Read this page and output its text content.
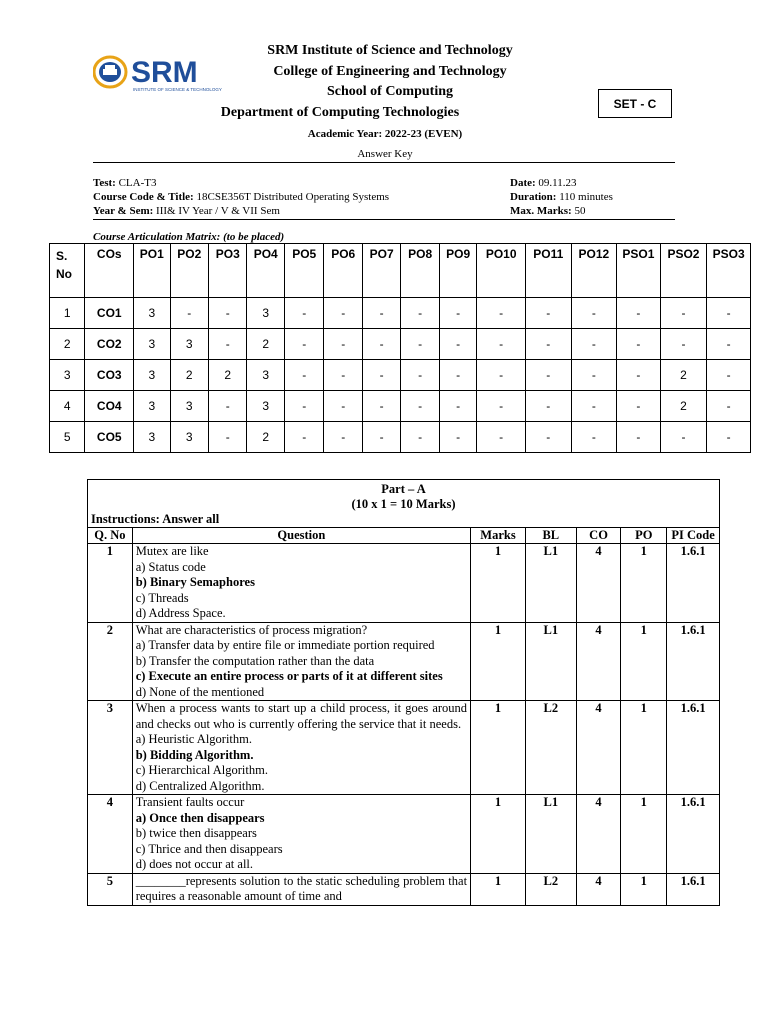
SRM
INSTITUTE OF SCIENCE & TECHNOLOGY
SRM Institute of Science and Technology
College of Engineering and Technology
School of Computing
Department of Computing Technologies
Academic Year: 2022-23 (EVEN)
Answer Key
SET - C
Test: CLA-T3
Course Code & Title: 18CSE356T Distributed Operating Systems
Year & Sem: III& IV Year / V & VII Sem
Date: 09.11.23
Duration: 110 minutes
Max. Marks: 50
Course Articulation Matrix: (to be placed)
S. No	COs	PO1	PO2	PO3	PO4	PO5	PO6	PO7	PO8	PO9	PO10	PO11	PO12	PSO1	PSO2	PSO3
1	CO1	3	-	-	3	-	-	-	-	-	-	-	-	-	-	-
2	CO2	3	3	-	2	-	-	-	-	-	-	-	-	-	-	-
3	CO3	3	2	2	3	-	-	-	-	-	-	-	-	-	2	-
4	CO4	3	3	-	3	-	-	-	-	-	-	-	-	-	2	-
5	CO5	3	3	-	2	-	-	-	-	-	-	-	-	-	-	-
Part – A
(10 x 1 = 10 Marks)
Instructions: Answer all						

Q. No	Question	Marks	BL	CO	PO	PI Code
1	Mutex are like
a) Status code
b) Binary Semaphores
c) Threads
d) Address Space.	1	L1	4	1	1.6.1
2	What are characteristics of process migration?
a) Transfer data by entire file or immediate portion required
b) Transfer the computation rather than the data
c) Execute an entire process or parts of it at different sites
d) None of the mentioned	1	L1	4	1	1.6.1
3	When a process wants to start up a child process, it goes around and checks out who is currently offering the service that it needs.
a) Heuristic Algorithm.
b) Bidding Algorithm.
c) Hierarchical Algorithm.
d) Centralized Algorithm.	1	L2	4	1	1.6.1
4	Transient faults occur
a) Once then disappears
b) twice then disappears
c) Thrice and then disappears
d) does not occur at all.	1	L1	4	1	1.6.1
5	________represents solution to the static scheduling problem that requires a reasonable amount of time and	1	L2	4	1	1.6.1
